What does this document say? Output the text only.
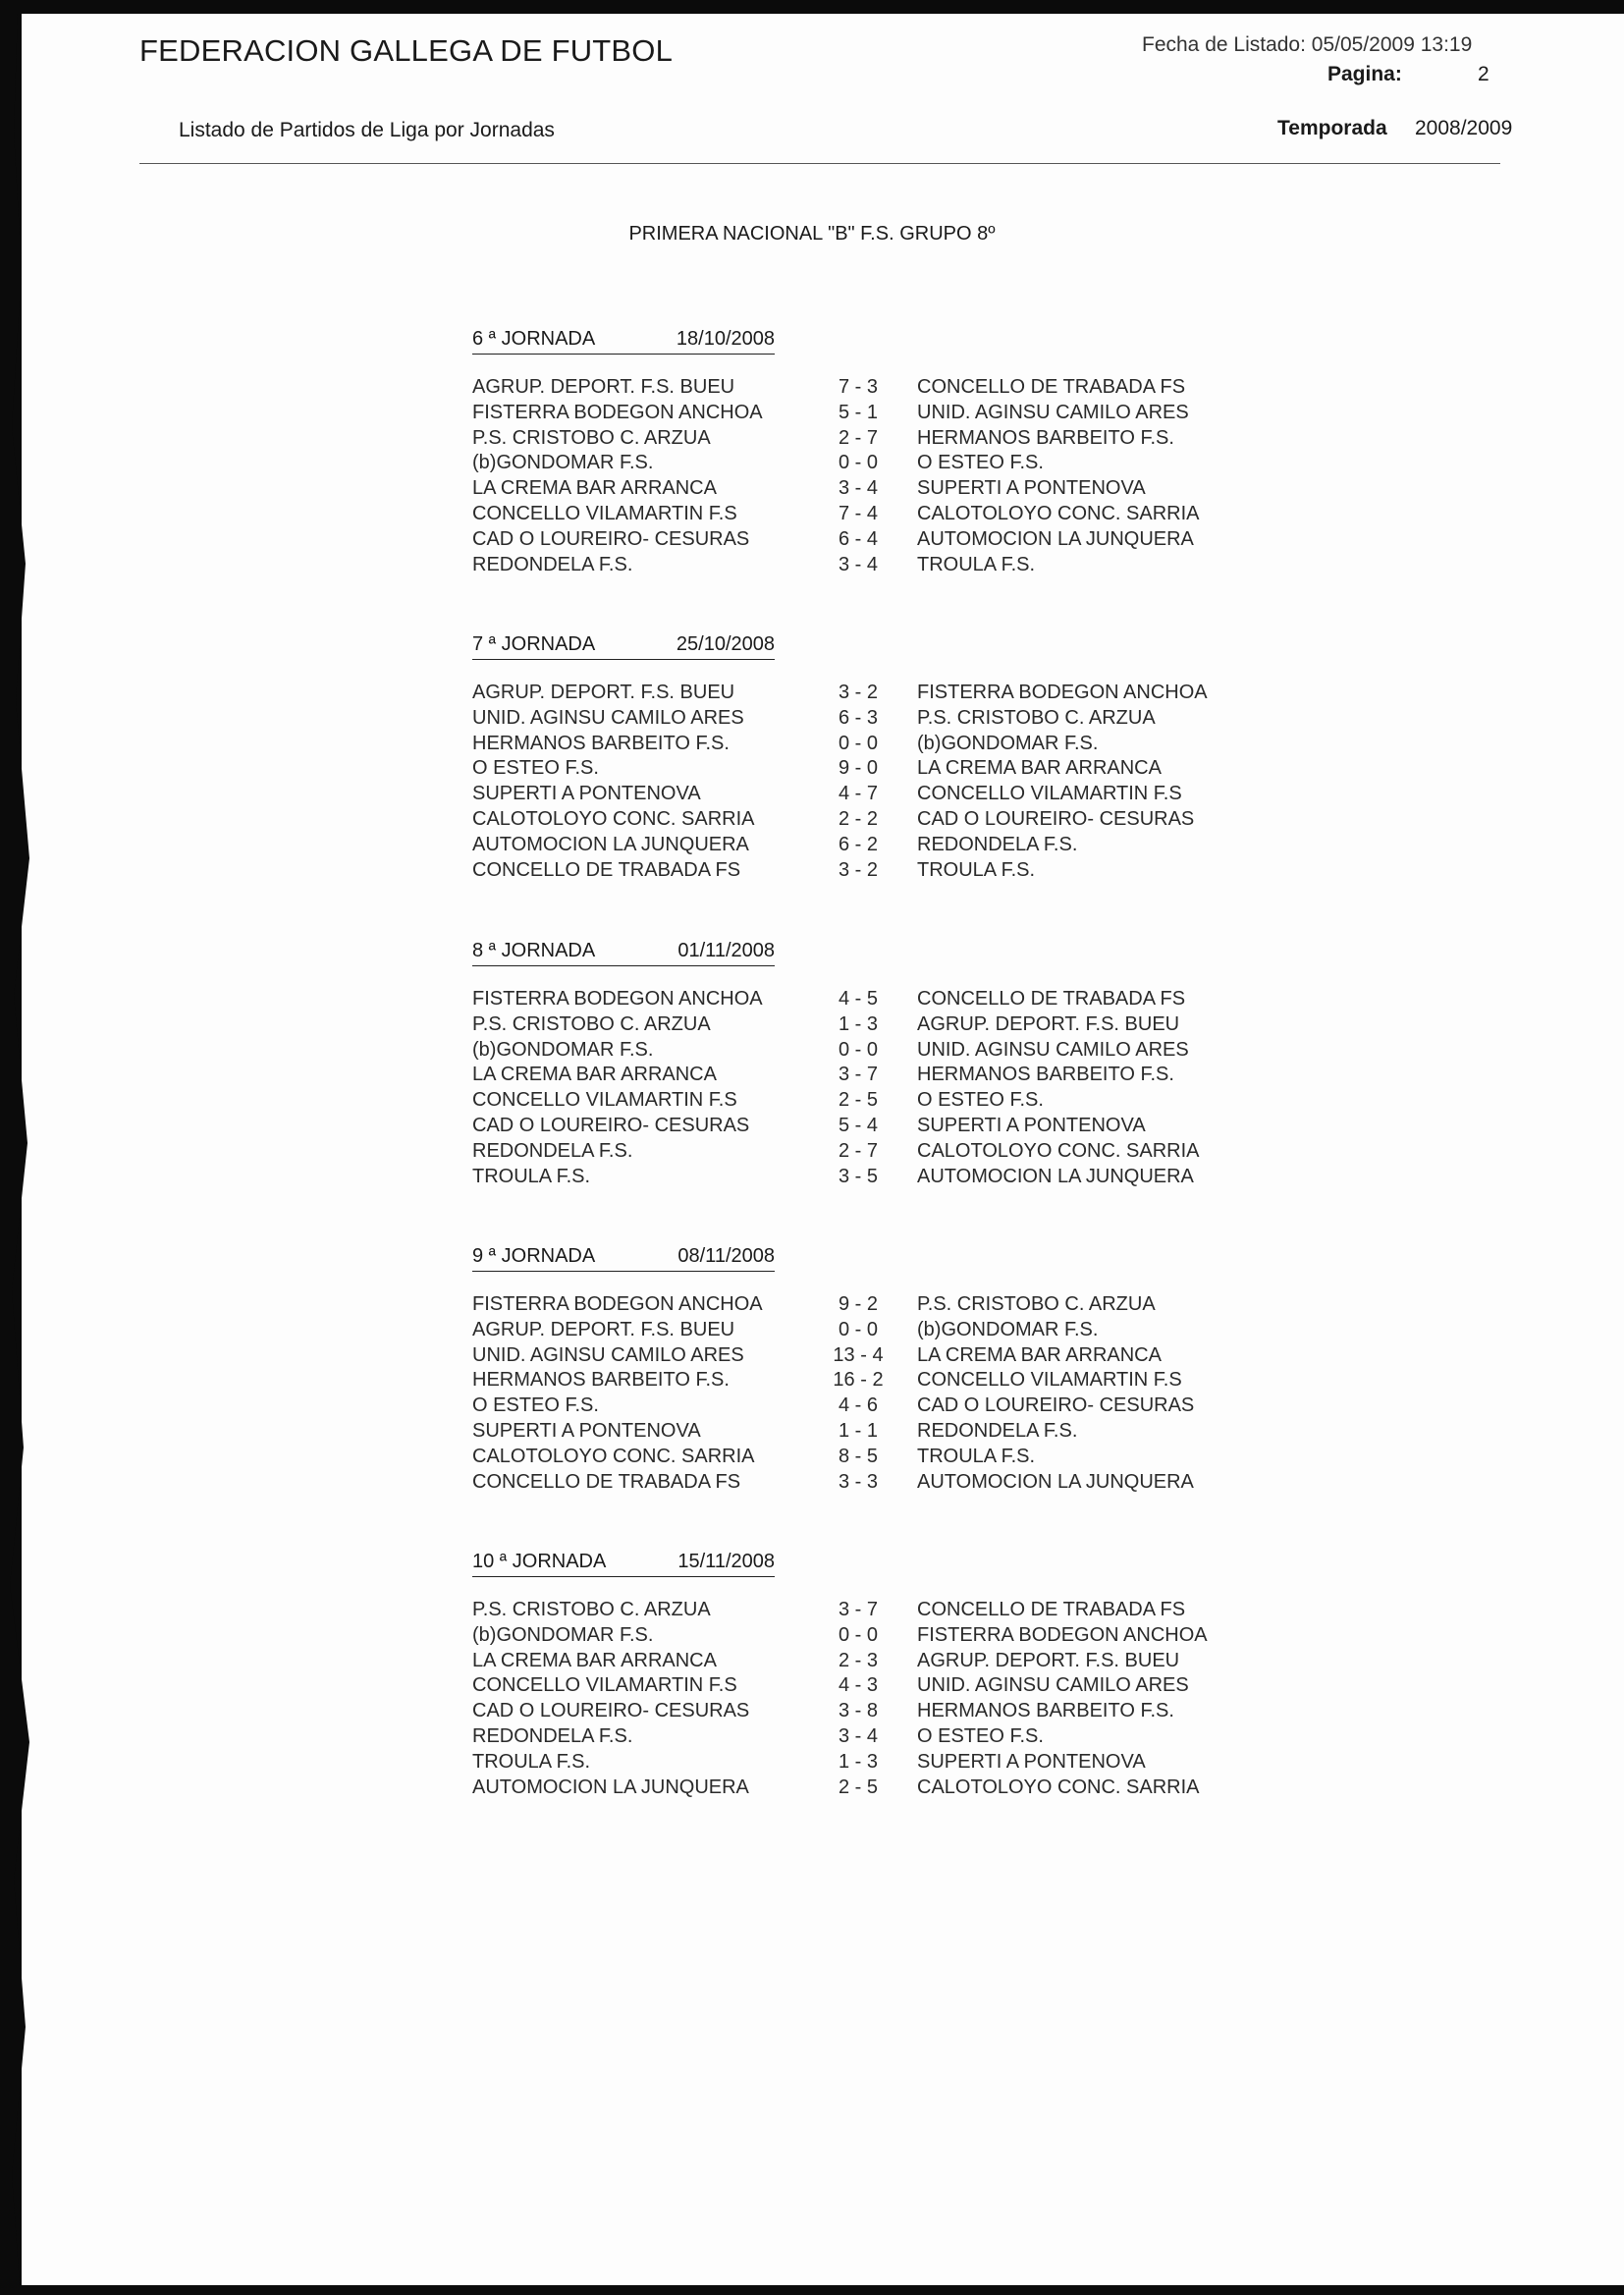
FEDERACION GALLEGA DE FUTBOL	Fecha de Listado: 05/05/2009 13:19
Pagina:	2
Listado de Partidos de Liga por Jornadas	Temporada 2008/2009
PRIMERA NACIONAL "B" F.S. GRUPO 8º
6 ª JORNADA	18/10/2008
AGRUP. DEPORT. F.S. BUEU	7 - 3	CONCELLO DE TRABADA FS
FISTERRA BODEGON ANCHOA	5 - 1	UNID. AGINSU CAMILO ARES
P.S. CRISTOBO C. ARZUA	2 - 7	HERMANOS BARBEITO F.S.
(b)GONDOMAR F.S.	0 - 0	O ESTEO F.S.
LA CREMA BAR ARRANCA	3 - 4	SUPERTI A PONTENOVA
CONCELLO VILAMARTIN F.S	7 - 4	CALOTOLOYO CONC. SARRIA
CAD O LOUREIRO- CESURAS	6 - 4	AUTOMOCION LA JUNQUERA
REDONDELA F.S.	3 - 4	TROULA F.S.
7 ª JORNADA	25/10/2008
AGRUP. DEPORT. F.S. BUEU	3 - 2	FISTERRA BODEGON ANCHOA
UNID. AGINSU CAMILO ARES	6 - 3	P.S. CRISTOBO C. ARZUA
HERMANOS BARBEITO F.S.	0 - 0	(b)GONDOMAR F.S.
O ESTEO F.S.	9 - 0	LA CREMA BAR ARRANCA
SUPERTI A PONTENOVA	4 - 7	CONCELLO VILAMARTIN F.S
CALOTOLOYO CONC. SARRIA	2 - 2	CAD O LOUREIRO- CESURAS
AUTOMOCION LA JUNQUERA	6 - 2	REDONDELA F.S.
CONCELLO DE TRABADA FS	3 - 2	TROULA F.S.
8 ª JORNADA	01/11/2008
FISTERRA BODEGON ANCHOA	4 - 5	CONCELLO DE TRABADA FS
P.S. CRISTOBO C. ARZUA	1 - 3	AGRUP. DEPORT. F.S. BUEU
(b)GONDOMAR F.S.	0 - 0	UNID. AGINSU CAMILO ARES
LA CREMA BAR ARRANCA	3 - 7	HERMANOS BARBEITO F.S.
CONCELLO VILAMARTIN F.S	2 - 5	O ESTEO F.S.
CAD O LOUREIRO- CESURAS	5 - 4	SUPERTI A PONTENOVA
REDONDELA F.S.	2 - 7	CALOTOLOYO CONC. SARRIA
TROULA F.S.	3 - 5	AUTOMOCION LA JUNQUERA
9 ª JORNADA	08/11/2008
FISTERRA BODEGON ANCHOA	9 - 2	P.S. CRISTOBO C. ARZUA
AGRUP. DEPORT. F.S. BUEU	0 - 0	(b)GONDOMAR F.S.
UNID. AGINSU CAMILO ARES	13 - 4 LA CREMA BAR ARRANCA
HERMANOS BARBEITO F.S.	16 - 2 CONCELLO VILAMARTIN F.S
O ESTEO F.S.	4 - 6	CAD O LOUREIRO- CESURAS
SUPERTI A PONTENOVA	1 - 1	REDONDELA F.S.
CALOTOLOYO CONC. SARRIA	8 - 5	TROULA F.S.
CONCELLO DE TRABADA FS	3 - 3	AUTOMOCION LA JUNQUERA
10 ª JORNADA	15/11/2008
P.S. CRISTOBO C. ARZUA	3 - 7	CONCELLO DE TRABADA FS
(b)GONDOMAR F.S.	0 - 0	FISTERRA BODEGON ANCHOA
LA CREMA BAR ARRANCA	2 - 3	AGRUP. DEPORT. F.S. BUEU
CONCELLO VILAMARTIN F.S	4 - 3	UNID. AGINSU CAMILO ARES
CAD O LOUREIRO- CESURAS	3 - 8	HERMANOS BARBEITO F.S.
REDONDELA F.S.	3 - 4	O ESTEO F.S.
TROULA F.S.	1 - 3	SUPERTI A PONTENOVA
AUTOMOCION LA JUNQUERA	2 - 5	CALOTOLOYO CONC. SARRIA
